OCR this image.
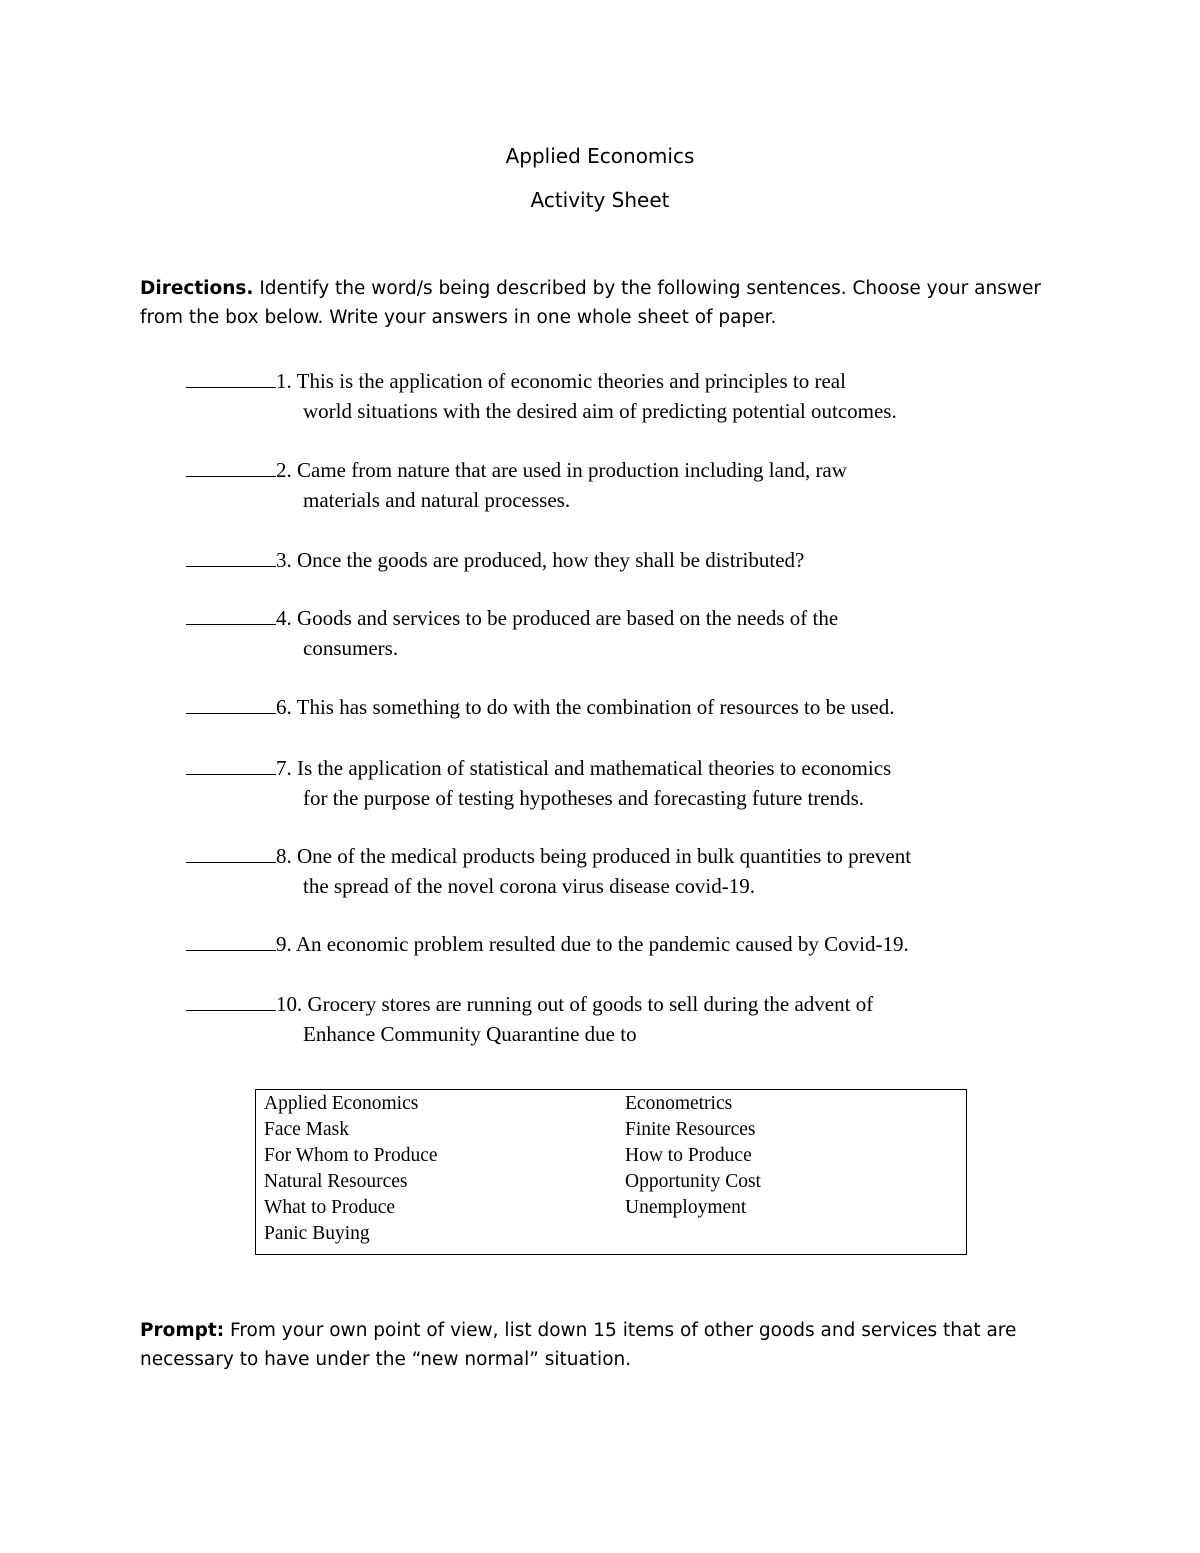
Applied Economics
Activity Sheet
Directions. Identify the word/s being described by the following sentences. Choose your answer from the box below. Write your answers in one whole sheet of paper.
1. This is the application of economic theories and principles to real
world situations with the desired aim of predicting potential outcomes.
2. Came from nature that are used in production including land, raw
materials and natural processes.
3. Once the goods are produced, how they shall be distributed?
4. Goods and services to be produced are based on the needs of the
consumers.
6. This has something to do with the combination of resources to be used.
7. Is the application of statistical and mathematical theories to economics
for the purpose of testing hypotheses and forecasting future trends.
8. One of the medical products being produced in bulk quantities to prevent
the spread of the novel corona virus disease covid-19.
9. An economic problem resulted due to the pandemic caused by Covid-19.
10. Grocery stores are running out of goods to sell during the advent of
Enhance Community Quarantine due to
Applied Economics
Face Mask
For Whom to Produce
Natural Resources
What to Produce
Panic Buying
Econometrics
Finite Resources
How to Produce
Opportunity Cost
Unemployment
Prompt: From your own point of view, list down 15 items of other goods and services that are necessary to have under the “new normal” situation.
